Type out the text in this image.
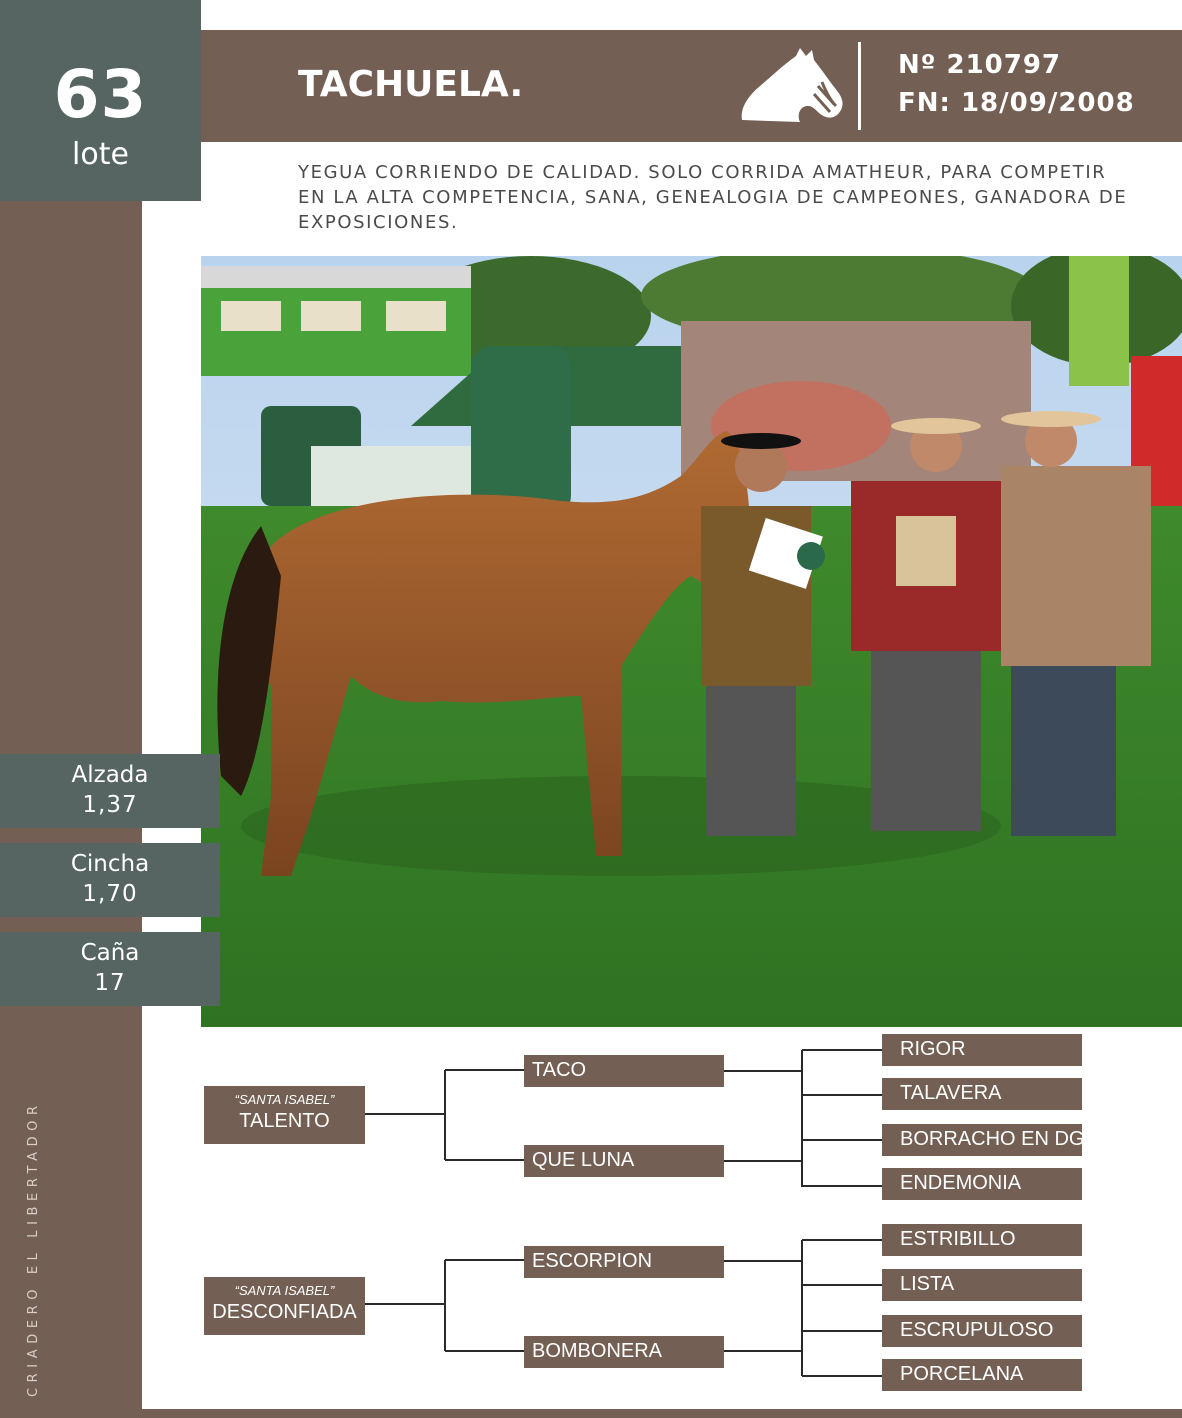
63
lote
TACHUELA.	Nº 210797
FN: 18/09/2008
YEGUA CORRIENDO DE CALIDAD. SOLO CORRIDA AMATHEUR, PARA COMPETIR EN LA ALTA COMPETENCIA, SANA, GENEALOGIA DE CAMPEONES, GANADORA DE EXPOSICIONES.
Alzada
1,37
Cincha
1,70
Caña
17
CRIADERO EL LIBERTADOR
“SANTA ISABEL”
TALENTO
“SANTA ISABEL”
DESCONFIADA
TACO
QUE LUNA
ESCORPION
BOMBONERA
RIGOR
TALAVERA
BORRACHO EN DGO.
ENDEMONIA
ESTRIBILLO
LISTA
ESCRUPULOSO
PORCELANA
